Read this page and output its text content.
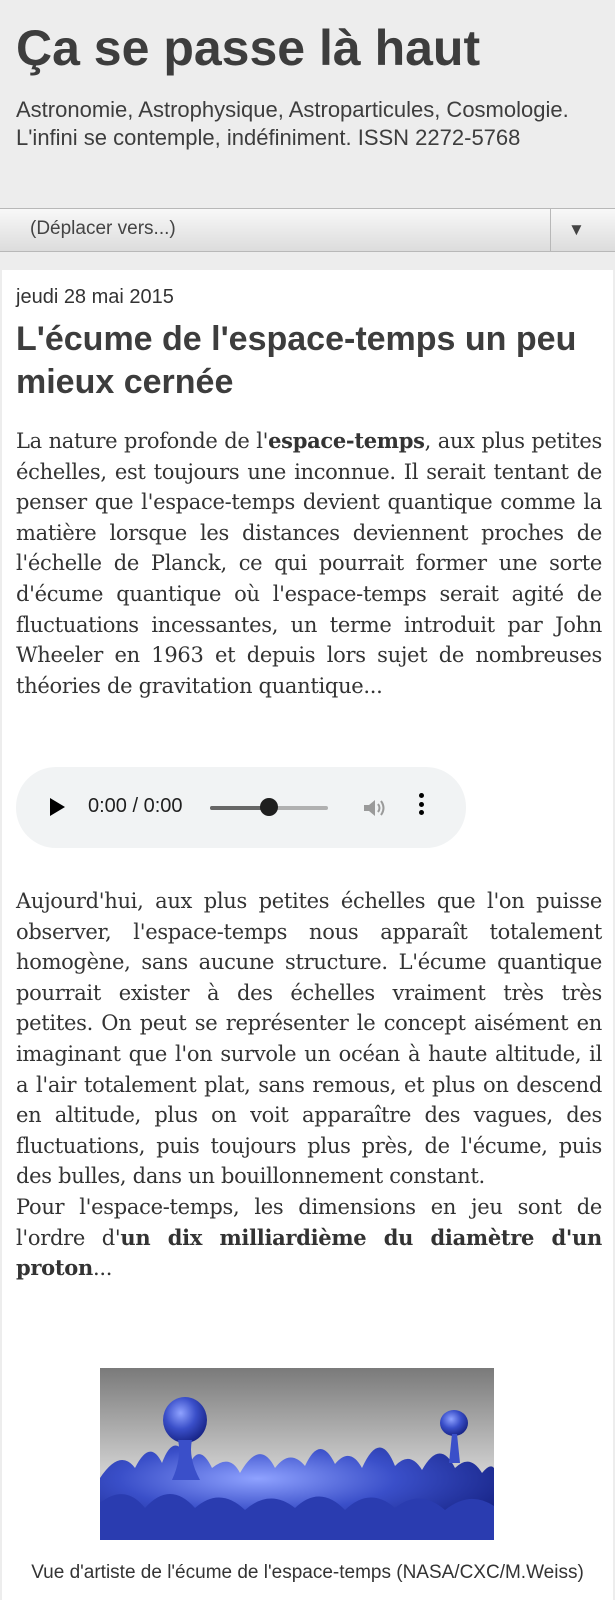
Ça se passe là haut
Astronomie, Astrophysique, Astroparticules, Cosmologie. L'infini se contemple, indéfiniment. ISSN 2272-5768
(Déplacer vers...)	▼
jeudi 28 mai 2015
L'écume de l'espace-temps un peu mieux cernée
La nature profonde de l'espace-temps, aux plus petites échelles, est toujours une inconnue. Il serait tentant de penser que l'espace-temps devient quantique comme la matière lorsque les distances deviennent proches de l'échelle de Planck, ce qui pourrait former une sorte d'écume quantique où l'espace-temps serait agité de fluctuations incessantes, un terme introduit par John Wheeler en 1963 et depuis lors sujet de nombreuses théories de gravitation quantique...
0:00 / 0:00
Aujourd'hui, aux plus petites échelles que l'on puisse observer, l'espace-temps nous apparaît totalement homogène, sans aucune structure. L'écume quantique pourrait exister à des échelles vraiment très très petites. On peut se représenter le concept aisément en imaginant que l'on survole un océan à haute altitude, il a l'air totalement plat, sans remous, et plus on descend en altitude, plus on voit apparaître des vagues, des fluctuations, puis toujours plus près, de l'écume, puis des bulles, dans un bouillonnement constant.
Pour l'espace-temps, les dimensions en jeu sont de l'ordre d'un dix milliardième du diamètre d'un proton...
Vue d'artiste de l'écume de l'espace-temps (NASA/CXC/M.Weiss)
